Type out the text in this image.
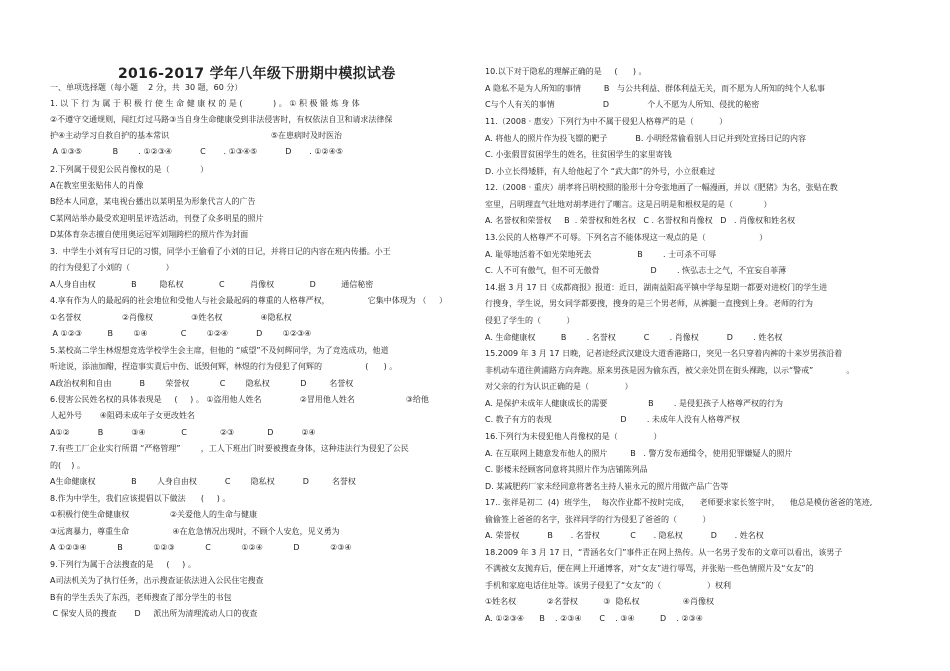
2016-2017 学年八年级下册期中模拟试卷
一、单项选择题（每小题    2 分，共  30 题，60 分）
1. 以 下 行 为 属 于 积 极 行 使 生 命 健 康 权 的 是 (            ) 。 ① 积 极 锻 炼 身 体
②不遵守交通规则，闯红灯过马路③当自身生命健康受到非法侵害时，有权依法自卫和请求法律保
护④主动学习自救自护的基本常识                                        ⑤在患病时及时医治
A ①③⑤            B        . ①②③④           C       . ①③④⑤           D       . ①②④⑤
2.下列属于侵犯公民肖像权的是（            ）
A在教室里张贴伟人的肖像
B经本人同意，某电视台播出以某明星为形象代言人的广告
C某网站举办最受欢迎明星评选活动，刊登了众多明星的照片
D某体育杂志擅自使用奥运冠军刘翔跨栏的照片作为封面
3.  中学生小刘有写日记的习惯，同学小王偷看了小刘的日记，并将日记的内容在班内传播。小王
的行为侵犯了小刘的（              ）
A人身自由权              B         隐私权              C          肖像权              D          通信秘密
4.享有作为人的最起码的社会地位和受他人与社会最起码的尊重的人格尊严权，               它集中体现为 （     ）
①名誉权                ②肖像权               ③姓名权               ④隐私权
A ①②③          B        ①④             C        ①②④           D        ①②③④
5.某校高二学生林煜想竞选学校学生会主席，但他的 “威望”不及何辉同学，为了竞选成功，他道
听途说，添油加醋，捏造事实責后中伤、诋毁何辉，林煜的行为侵犯了何辉的                 (      ) 。
A政治权利和自由           B        荣誉权            C        隐私权            D         名誉权
6.侵害公民姓名权的具体表现是     (     ) 。 ①盗用他人姓名               ②冒用他人姓名                    ③给他
人起外号       ④阻碍未成年子女更改姓名
A①②           B           ③④              C             ②③             D           ②④
7.有些工厂企业实行所谓 “严格管理”        ，工人下班出门时要被搜查身体，这种违法行为侵犯了公民
的(    ) 。
A生命健康权              B        人身自由权           C        隐私权           D         名誉权
8.作为中学生，我们应该提倡以下做法      (     ) 。
①积极行使生命健康权                ②关爱他人的生命与健康
③远离暴力，尊重生命                 ④在危急情况出现时，不顾个人安危，见义勇为
A ①②③④            B            ①②③            C            ①②④            D            ②③④
9.下列行为属于合法搜查的是     (     ) 。
A司法机关为了执行任务，出示搜查证依法进入公民住宅搜查
B有的学生丢失了东西，老师搜查了部分学生的书包
C 保安人员的搜查       D     派出所为清理流动人口的夜查
10.以下对于隐私的理解正确的是     (      ) 。
A 隐私不是为人所知的事情         B   与公共利益、群体利益无关，而不愿为人所知的纯个人私事
C与个人有关的事情                   D               个人不愿为人所知、侵扰的秘密
11.（2008 · 惠安）下列行为中不属于侵犯人格尊严的是（          ）
A. 将他人的照片作为投飞镖的靶子           B. 小明经常偷看别人日记并到处宣扬日记的内容
C. 小张假冒贫困学生的姓名，往贫困学生的家里寄钱
D. 小立长得矮胖，有人给他起了个 “武大郎”的外号，小立很难过
12.（2008 · 重庆）胡孝将吕明校照的脸形十分夸张地画了一幅漫画，并以《肥猪》为名，张贴在教
室里，吕明理直气壮地对胡孝进行了嘲言。这是吕明是和根权是的是（            ）
A. 名誉权和荣誉权     B  . 荣誉权和姓名权   C . 名誉权和肖像权   D   . 肖像权和姓名权
13.公民的人格尊严不可辱。下列名言不能体现这一观点的是（                     ）
A. 耻辱地活着不如光荣地死去                  B        . 士可杀不可辱
C. 人不可有傲气，但不可无傲骨                    D        . 恢弘志士之气，不宜妄自菲薄
14.据 3 月 17 日《成都商报》报道：近日，湖南益阳高平镇中学每星期一都要对进校门的学生进
行搜身，学生说，男女同学都要搜，搜身的是三个男老师，从裤腿一直搜到上身。老师的行为
侵犯了学生的（          ）
A. 生命健康权          B        . 名誉权           C        . 肖像权           D        . 姓名权
15.2009 年 3 月 17 日晚，记者途经武汉建设大道香港路口，突见一名只穿着内裤的十来岁男孩沿着
非机动车道往黄浦路方向奔跑。原来男孩是因为偷东西，被父亲处罚在街头裸跑，以示“警戒”             。
对父亲的行为认识正确的是（              ）
A. 是保护未成年人健康成长的需要                B        . 是侵犯孩子人格尊严权的行为
C. 教子有方的表现                           D        . 未成年人没有人格尊严权
16.下列行为未侵犯他人肖像权的是（              ）
A. 在互联网上随意发布他人的照片         B   . 警方发布通缉令，使用犯罪嫌疑人的照片
C. 影楼未经顾客同意将其照片作为店铺陈列品
D. 某减肥药厂家未经同意将著名主持人崔永元的照片用做产品广告等
17.. 张祥是初二  (4)  班学生，  每次作业都不按时完成，    老师要求家长签字时，    他总是模仿爸爸的笔迹,
偷偷签上爸爸的名字，张祥同学的行为侵犯了爸爸的（          ）
A. 荣誉权           B       . 名誉权            C       . 隐私权           D       . 姓名权
18.2009 年 3 月 17 日，“青涵名女门”事件正在网上热传。从一名男子发布的文章可以看出，该男子
不满被女友抛弃后，便在网上开通博客，对“女友”进行辱骂，并张贴一些色情照片及“女友”的
手机和家庭电话住址等。该男子侵犯了“女友”的（                  ）权利
①姓名权            ②名誉权          ③  隐私权                 ④肖像权
A. ①②③④      B    . ②③④       C    . ③④          D    . ②③④
